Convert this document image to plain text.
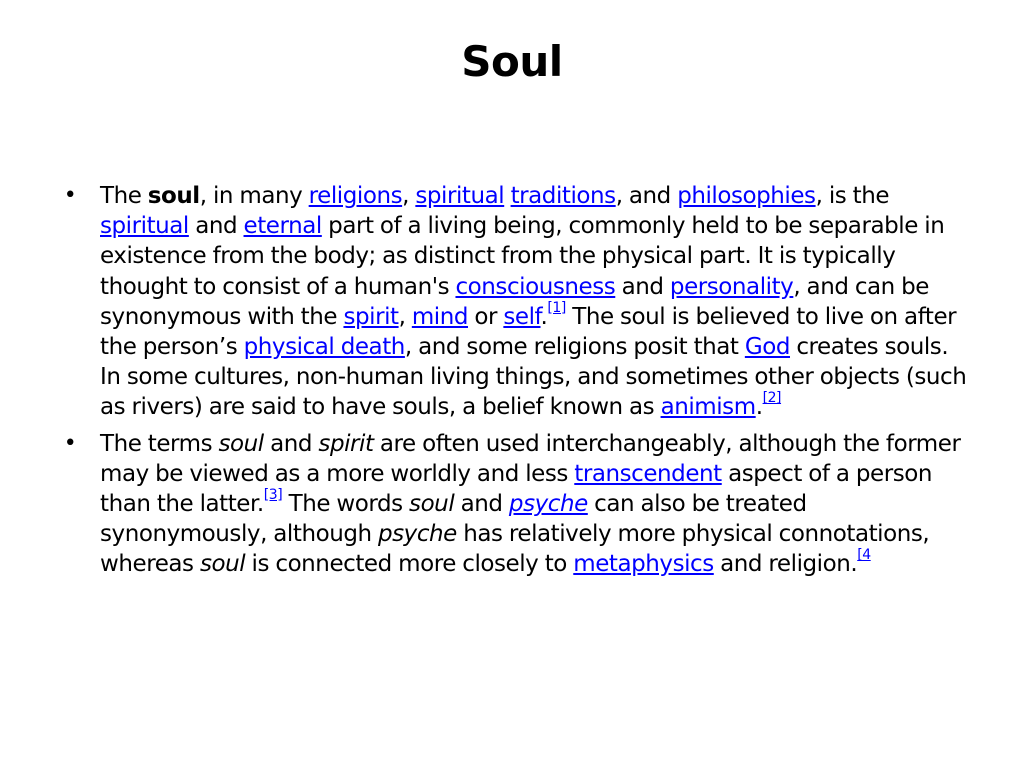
Soul
• The soul, in many religions, spiritual traditions, and philosophies, is the spiritual and eternal part of a living being, commonly held to be separable in existence from the body; as distinct from the physical part. It is typically thought to consist of a human's consciousness and personality, and can be synonymous with the spirit, mind or self.[1] The soul is believed to live on after the person’s physical death, and some religions posit that God creates souls. In some cultures, non-human living things, and sometimes other objects (such as rivers) are said to have souls, a belief known as animism.[2]
• The terms soul and spirit are often used interchangeably, although the former may be viewed as a more worldly and less transcendent aspect of a person than the latter.[3] The words soul and psyche can also be treated synonymously, although psyche has relatively more physical connotations, whereas soul is connected more closely to metaphysics and religion.$^{[4}$
